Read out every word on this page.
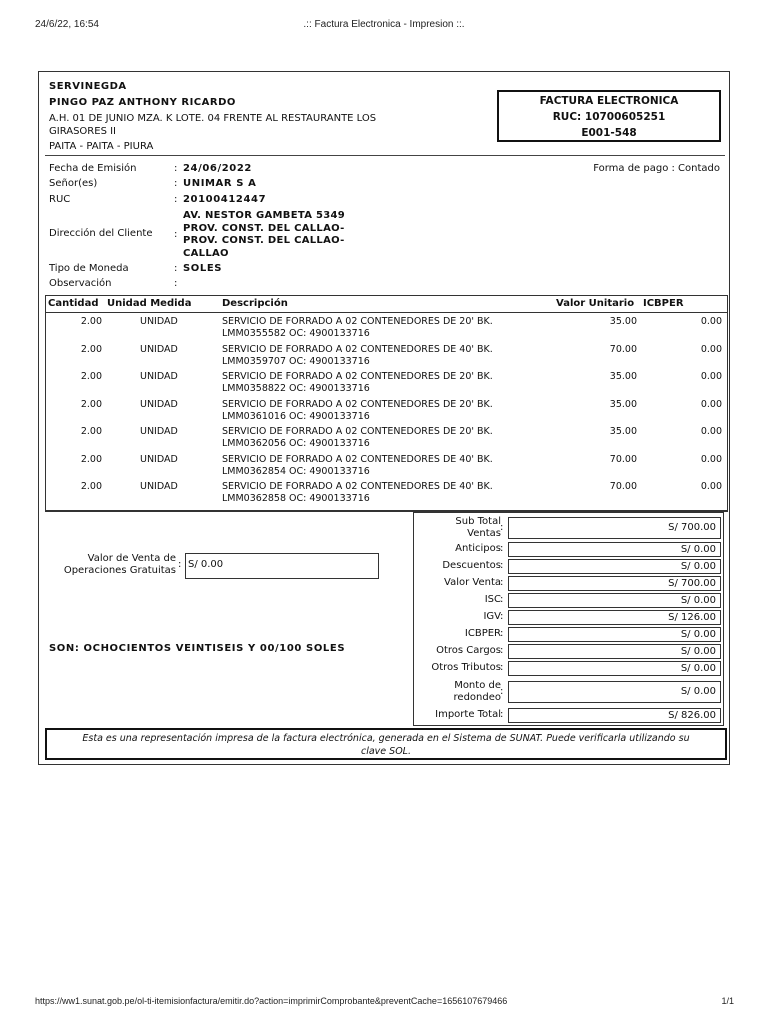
24/6/22, 16:54	.:: Factura Electronica - Impresion ::.
SERVINEGDA
PINGO PAZ ANTHONY RICARDO
A.H. 01 DE JUNIO MZA. K LOTE. 04 FRENTE AL RESTAURANTE LOS
GIRASORES II
PAITA - PAITA - PIURA
FACTURA ELECTRONICA
RUC: 10700605251
E001-548
Fecha de Emisión	: 24/06/2022	Forma de pago : Contado
Señor(es)	: UNIMAR S A
RUC	: 20100412447
Dirección del Cliente :
AV. NESTOR GAMBETA 5349
PROV. CONST. DEL CALLAO-
PROV. CONST. DEL CALLAO-
CALLAO
Tipo de Moneda	: SOLES
Observación	:
Cantidad Unidad Medida	Descripción	Valor Unitario ICBPER
2.00	UNIDAD	SERVICIO DE FORRADO A 02 CONTENEDORES DE 20' BK.
LMM0355582 OC: 4900133716
35.00	0.00
2.00	UNIDAD	SERVICIO DE FORRADO A 02 CONTENEDORES DE 40' BK.
LMM0359707 OC: 4900133716
70.00	0.00
2.00	UNIDAD	SERVICIO DE FORRADO A 02 CONTENEDORES DE 20' BK.
LMM0358822 OC: 4900133716
35.00	0.00
2.00	UNIDAD	SERVICIO DE FORRADO A 02 CONTENEDORES DE 20' BK.
LMM0361016 OC: 4900133716
35.00	0.00
2.00	UNIDAD	SERVICIO DE FORRADO A 02 CONTENEDORES DE 20' BK.
LMM0362056 OC: 4900133716
35.00	0.00
2.00	UNIDAD	SERVICIO DE FORRADO A 02 CONTENEDORES DE 40' BK.
LMM0362854 OC: 4900133716
70.00	0.00
2.00	UNIDAD	SERVICIO DE FORRADO A 02 CONTENEDORES DE 40' BK.
LMM0362858 OC: 4900133716
70.00	0.00
Valor de Venta de
Operaciones Gratuitas
: S/ 0.00
SON: OCHOCIENTOS VEINTISEIS Y 00/100 SOLES
Sub Total
Ventas
:	S/ 700.00
Anticipos :	S/ 0.00
Descuentos :	S/ 0.00
Valor Venta :	S/ 700.00
ISC :	S/ 0.00
IGV :	S/ 126.00
ICBPER :	S/ 0.00
Otros Cargos :	S/ 0.00
Otros Tributos :	S/ 0.00
Monto de
redondeo
:	S/ 0.00
Importe Total :	S/ 826.00
Esta es una representación impresa de la factura electrónica, generada en el Sistema de SUNAT. Puede verificarla utilizando su
clave SOL.
https://ww1.sunat.gob.pe/ol-ti-itemisionfactura/emitir.do?action=imprimirComprobante&preventCache=1656107679466	1/1
